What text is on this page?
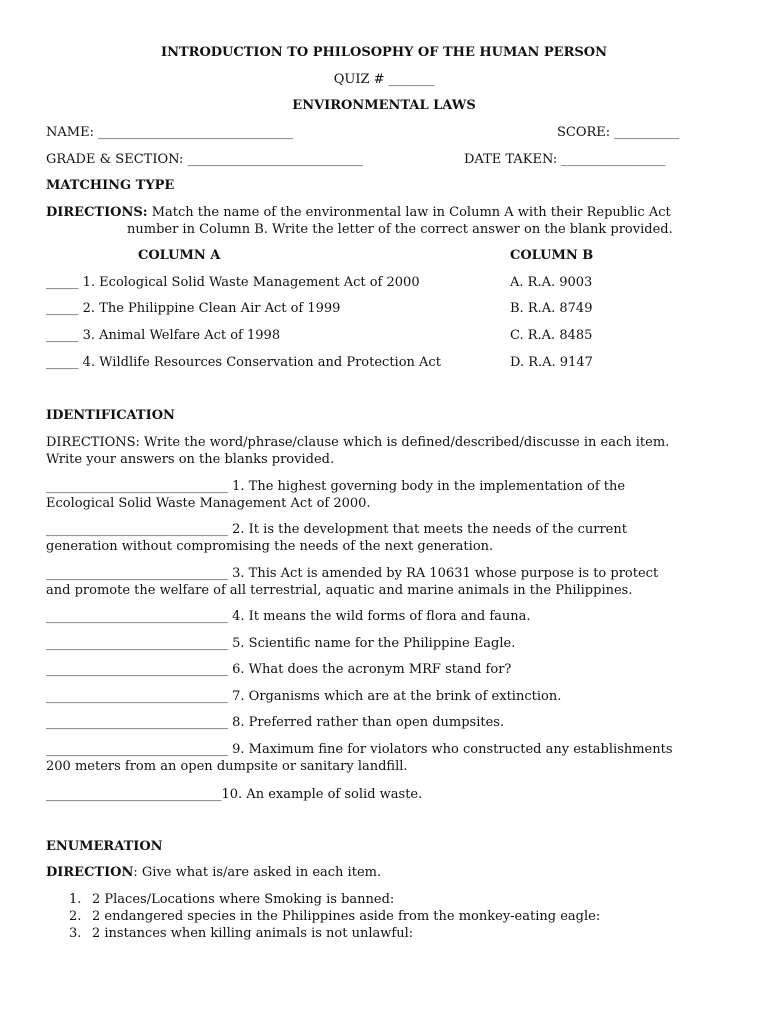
INTRODUCTION TO PHILOSOPHY OF THE HUMAN PERSON
QUIZ # _______
ENVIRONMENTAL LAWS
NAME: ______________________________	SCORE: __________
GRADE & SECTION: ___________________________	DATE TAKEN: ________________
MATCHING TYPE
DIRECTIONS: Match the name of the environmental law in Column A with their Republic Act
number in Column B. Write the letter of the correct answer on the blank provided.
COLUMN A	COLUMN B
_____ 1. Ecological Solid Waste Management Act of 2000	A. R.A. 9003
_____ 2. The Philippine Clean Air Act of 1999	B. R.A. 8749
_____ 3. Animal Welfare Act of 1998	C. R.A. 8485
_____ 4. Wildlife Resources Conservation and Protection Act	D. R.A. 9147
IDENTIFICATION
DIRECTIONS: Write the word/phrase/clause which is defined/described/discusse in each item.
Write your answers on the blanks provided.
____________________________ 1. The highest governing body in the implementation of the
Ecological Solid Waste Management Act of 2000.
____________________________ 2. It is the development that meets the needs of the current
generation without compromising the needs of the next generation.
____________________________ 3. This Act is amended by RA 10631 whose purpose is to protect
and promote the welfare of all terrestrial, aquatic and marine animals in the Philippines.
____________________________ 4. It means the wild forms of flora and fauna.
____________________________ 5. Scientific name for the Philippine Eagle.
____________________________ 6. What does the acronym MRF stand for?
____________________________ 7. Organisms which are at the brink of extinction.
____________________________ 8. Preferred rather than open dumpsites.
____________________________ 9. Maximum fine for violators who constructed any establishments
200 meters from an open dumpsite or sanitary landfill.
___________________________10. An example of solid waste.
ENUMERATION
DIRECTION: Give what is/are asked in each item.
1. 2 Places/Locations where Smoking is banned:
2. 2 endangered species in the Philippines aside from the monkey-eating eagle:
3. 2 instances when killing animals is not unlawful:
